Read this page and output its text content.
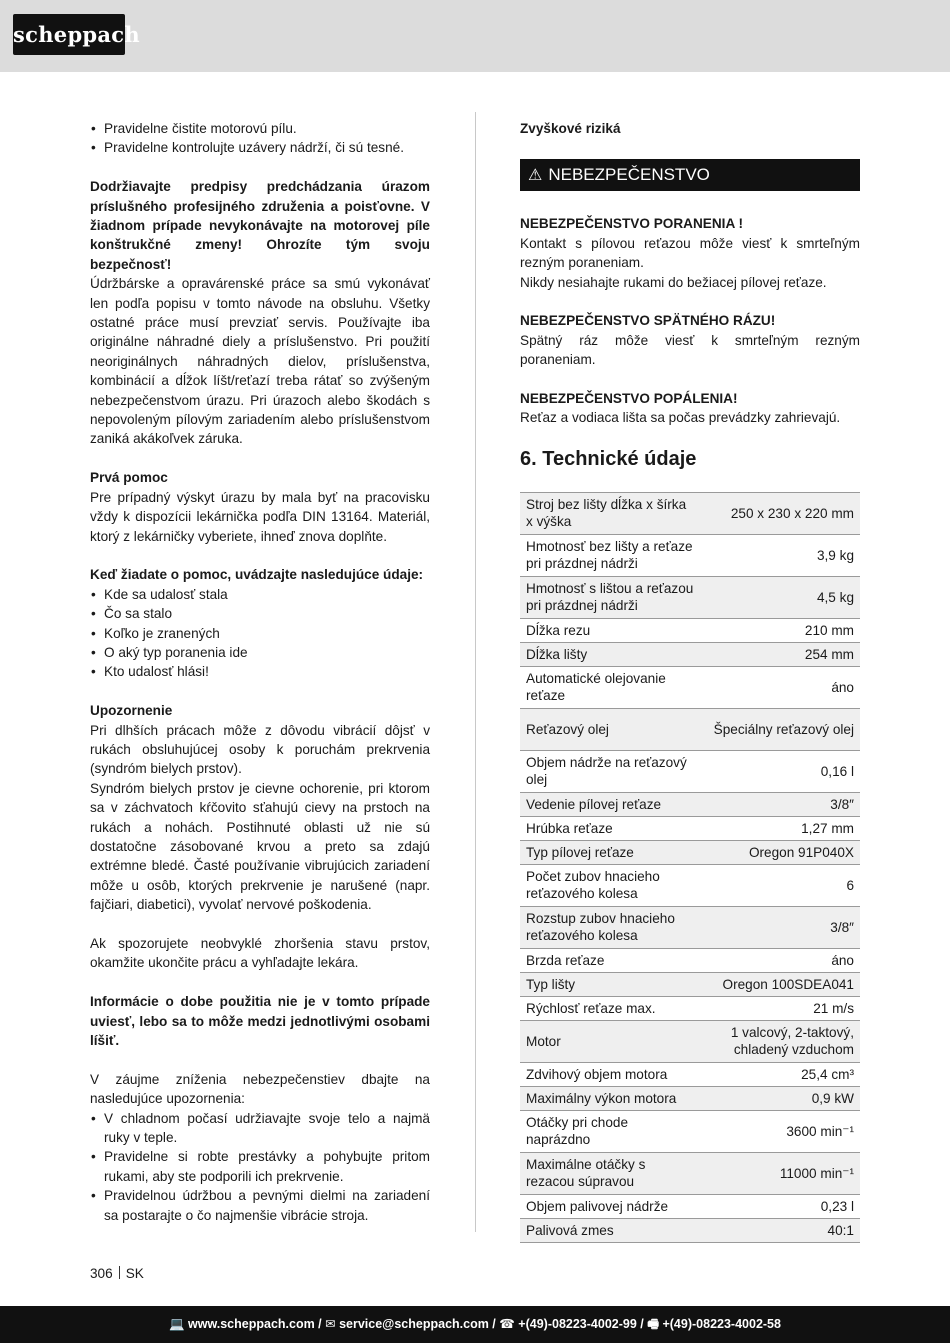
scheppach
• Pravidelne čistite motorovú pílu.
• Pravidelne kontrolujte uzávery nádrží, či sú tesné.

Dodržiavajte predpisy predchádzania úrazom príslušného profesijného združenia a poisťovne. V žiadnom prípade nevykonávajte na motorovej píle konštrukčné zmeny! Ohrozíte tým svoju bezpečnosť!

Údržbárske a opravárenské práce sa smú vykonávať len podľa popisu v tomto návode na obsluhu. Všetky ostatné práce musí prevziať servis. Používajte iba originálne náhradné diely a príslušenstvo. Pri použití neoriginálnych náhradných dielov, príslušenstva, kombinácií a dĺžok líšt/reťazí treba rátať so zvýšeným nebezpečenstvom úrazu. Pri úrazoch alebo škodách s nepovoleným pílovým zariadením alebo príslušenstvom zaniká akákoľvek záruka.

Prvá pomoc

Pre prípadný výskyt úrazu by mala byť na pracovisku vždy k dispozícii lekárnička podľa DIN 13164. Materiál, ktorý z lekárničky vyberiete, ihneď znova doplňte.

Keď žiadate o pomoc, uvádzajte nasledujúce údaje:

• Kde sa udalosť stala
• Čo sa stalo
• Koľko je zranených
• O aký typ poranenia ide
• Kto udalosť hlási!

Upozornenie

Pri dlhších prácach môže z dôvodu vibrácií dôjsť v rukách obsluhujúcej osoby k poruchám prekrvenia (syndróm bielych prstov).

Syndróm bielych prstov je cievne ochorenie, pri ktorom sa v záchvatoch kŕčovito sťahujú cievy na prstoch na rukách a nohách. Postihnuté oblasti už nie sú dostatočne zásobované krvou a preto sa zdajú extrémne bledé. Časté používanie vibrujúcich zariadení môže u osôb, ktorých prekrvenie je narušené (napr. fajčiari, diabetici), vyvolať nervové poškodenia.

Ak spozorujete neobvyklé zhoršenia stavu prstov, okamžite ukončite prácu a vyhľadajte lekára.

Informácie o dobe použitia nie je v tomto prípade uviesť, lebo sa to môže medzi jednotlivými osobami líšiť.

V záujme zníženia nebezpečenstiev dbajte na nasledujúce upozornenia:

• V chladnom počasí udržiavajte svoje telo a najmä ruky v teple.
• Pravidelne si robte prestávky a pohybujte pritom rukami, aby ste podporili ich prekrvenie.
• Pravidelnou údržbou a pevnými dielmi na zariadení sa postarajte o čo najmenšie vibrácie stroja.

Zvyškové riziká

⚠ NEBEZPEČENSTVO

NEBEZPEČENSTVO PORANENIA !

Kontakt s pílovou reťazou môže viesť k smrteľným rezným poraneniam.

Nikdy nesiahajte rukami do bežiacej pílovej reťaze.

NEBEZPEČENSTVO SPÄTNÉHO RÁZU!

Spätný ráz môže viesť k smrteľným rezným poraneniam.

NEBEZPEČENSTVO POPÁLENIA!

Reťaz a vodiaca lišta sa počas prevádzky zahrievajú.

6. Technické údaje
Stroj bez lišty dĺžka x šírka x výška	250 x 230 x 220 mm
Hmotnosť bez lišty a reťaze pri prázdnej nádrži	3,9 kg
Hmotnosť s lištou a reťazou pri prázdnej nádrži	4,5 kg
Dĺžka rezu	210 mm
Dĺžka lišty	254 mm
Automatické olejovanie reťaze	áno
Reťazový olej	Špeciálny reťazový olej
Objem nádrže na reťazový olej	0,16 l
Vedenie pílovej reťaze	3/8″
Hrúbka reťaze	1,27 mm
Typ pílovej reťaze	Oregon 91P040X
Počet zubov hnacieho reťazového kolesa	6
Rozstup zubov hnacieho reťazového kolesa	3/8″
Brzda reťaze	áno
Typ lišty	Oregon 100SDEA041
Rýchlosť reťaze max.	21 m/s
Motor	1 valcový, 2-taktový, chladený vzduchom
Zdvihový objem motora	25,4 cm³
Maximálny výkon motora	0,9 kW
Otáčky pri chode naprázdno	3600 min⁻¹
Maximálne otáčky s rezacou súpravou	11000 min⁻¹
Objem palivovej nádrže	0,23 l
Palivová zmes	40:1
306 SK
💻 www.scheppach.com / ✉ service@scheppach.com / ☎ +(49)-08223-4002-99 / 🖷 +(49)-08223-4002-58
